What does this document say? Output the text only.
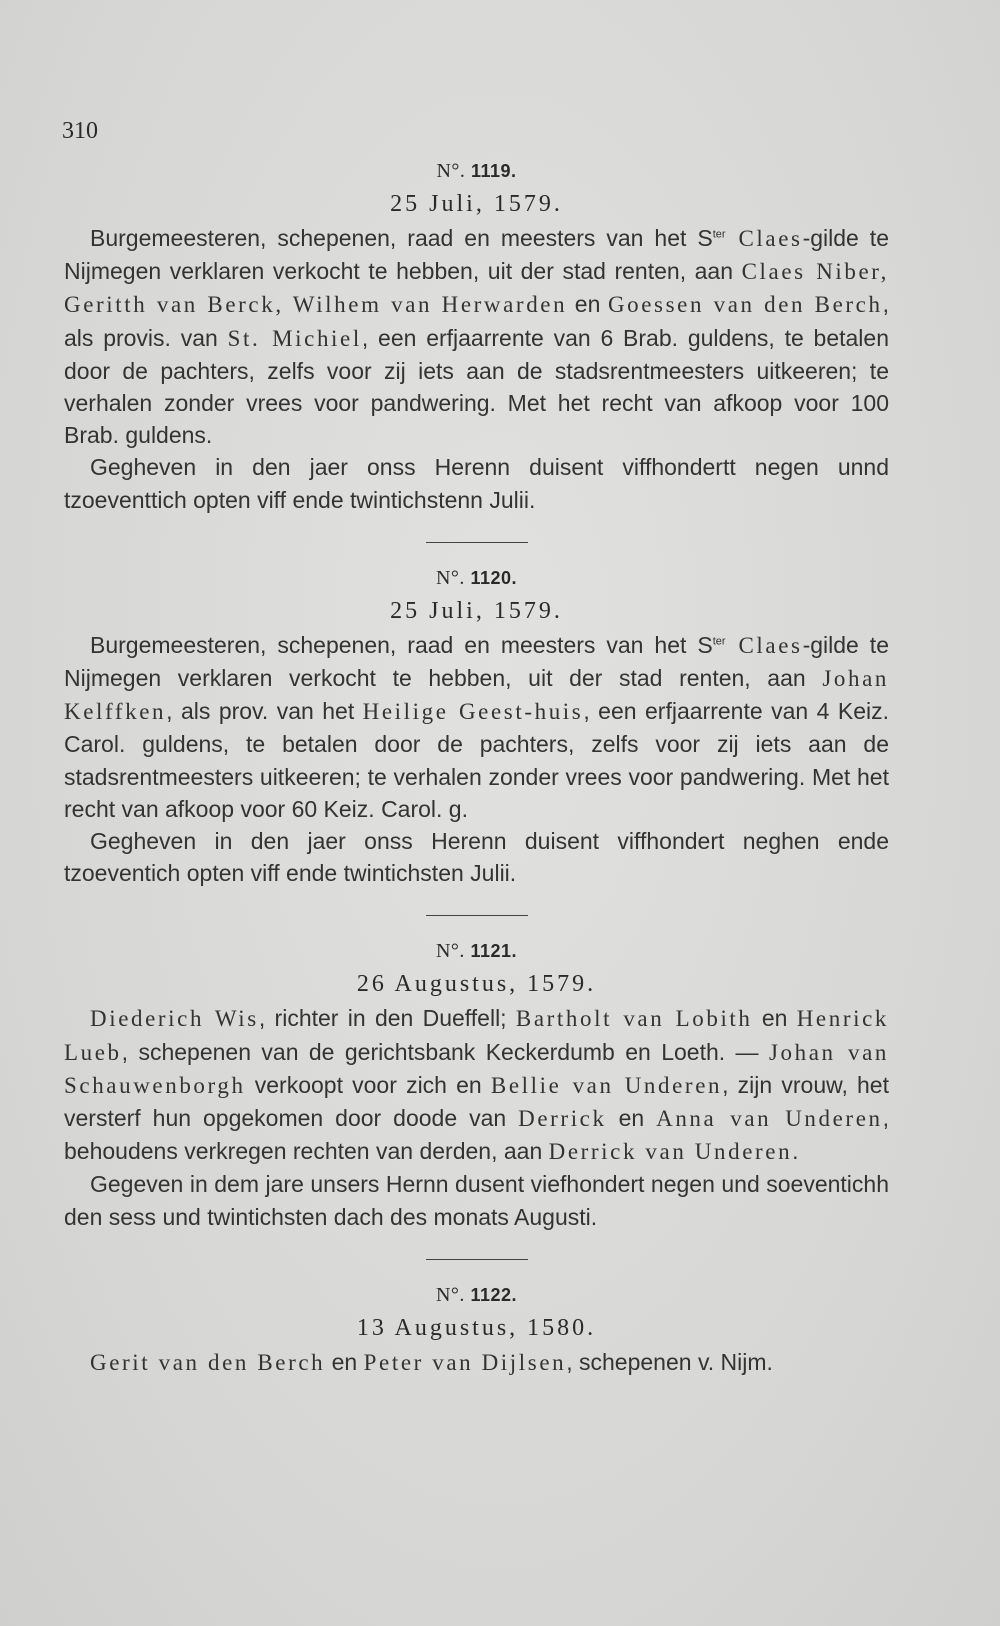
310
N°. 1119.
25 Juli, 1579.

Burgemeesteren, schepenen, raad en meesters van het $S^{ter}$ Claes-gilde te Nijmegen verklaren verkocht te hebben, uit der stad renten, aan Claes Niber, Geritth van Berck, Wilhem van Herwarden en Goessen van den Berch, als provis. van St. Michiel, een erfjaarrente van 6 Brab. guldens, te betalen door de pachters, zelfs voor zij iets aan de stadsrentmeesters uitkeeren; te verhalen zonder vrees voor pandwering. Met het recht van afkoop voor 100 Brab. guldens.

Gegheven in den jaer onss Herenn duisent viffhondertt negen unnd tzoeventtich opten viff ende twintichstenn Julii.

N°. 1120.
25 Juli, 1579.

Burgemeesteren, schepenen, raad en meesters van het $S^{ter}$ Claes-gilde te Nijmegen verklaren verkocht te hebben, uit der stad renten, aan Johan Kelffken, als prov. van het Heilige Geest-huis, een erfjaarrente van 4 Keiz. Carol. guldens, te betalen door de pachters, zelfs voor zij iets aan de stadsrentmeesters uitkeeren; te verhalen zonder vrees voor pandwering. Met het recht van afkoop voor 60 Keiz. Carol. g.

Gegheven in den jaer onss Herenn duisent viffhondert neghen ende tzoeventich opten viff ende twintichsten Julii.

N°. 1121.
26 Augustus, 1579.

Diederich Wis, richter in den Dueffell; Bartholt van Lobith en Henrick Lueb, schepenen van de gerichtsbank Keckerdumb en Loeth. — Johan van Schauwenborgh verkoopt voor zich en Bellie van Underen, zijn vrouw, het versterf hun opgekomen door doode van Derrick en Anna van Underen, behoudens verkregen rechten van derden, aan Derrick van Underen.

Gegeven in dem jare unsers Hernn dusent viefhondert negen und soeventichh den sess und twintichsten dach des monats Augusti.

N°. 1122.
13 Augustus, 1580.

Gerit van den Berch en Peter van Dijlsen, schepenen v. Nijm.
